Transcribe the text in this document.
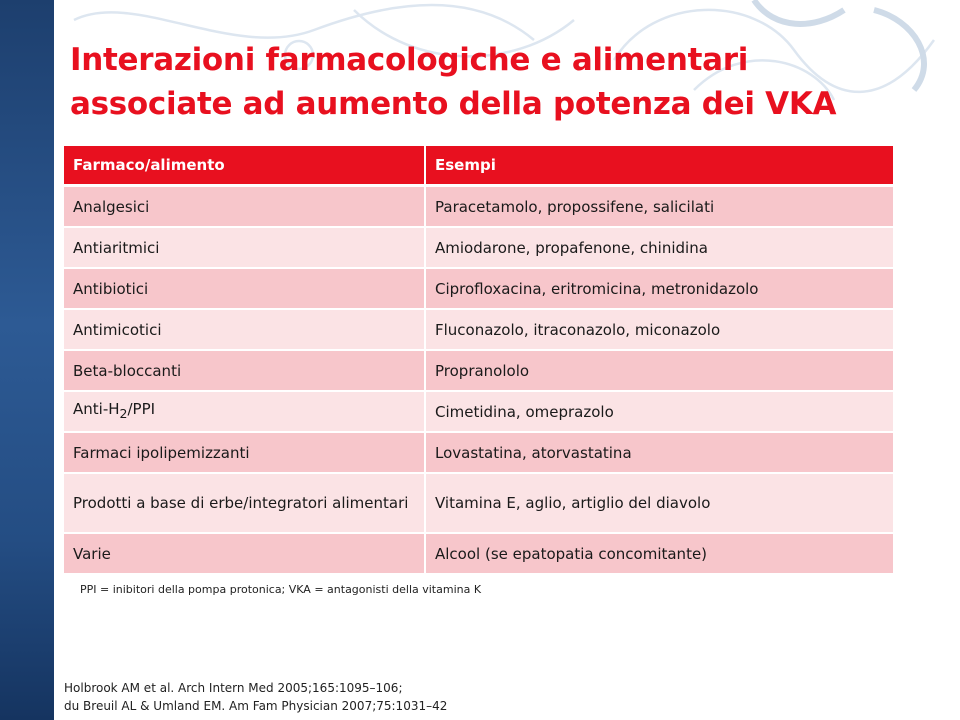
Interazioni farmacologiche e alimentari
associate ad aumento della potenza dei VKA
Farmaco/alimento	Esempi
Analgesici	Paracetamolo, propossifene, salicilati
Antiaritmici	Amiodarone, propafenone, chinidina
Antibiotici	Ciprofloxacina, eritromicina, metronidazolo
Antimicotici	Fluconazolo, itraconazolo, miconazolo
Beta-bloccanti	Propranololo
Anti-$H_2$/PPI	Cimetidina, omeprazolo
Farmaci ipolipemizzanti	Lovastatina, atorvastatina
Prodotti a base di erbe/integratori alimentari	Vitamina E, aglio, artiglio del diavolo
Varie	Alcool (se epatopatia concomitante)
PPI = inibitori della pompa protonica; VKA = antagonisti della vitamina K
Holbrook AM et al. Arch Intern Med 2005;165:1095–106;
du Breuil AL & Umland EM. Am Fam Physician 2007;75:1031–42
